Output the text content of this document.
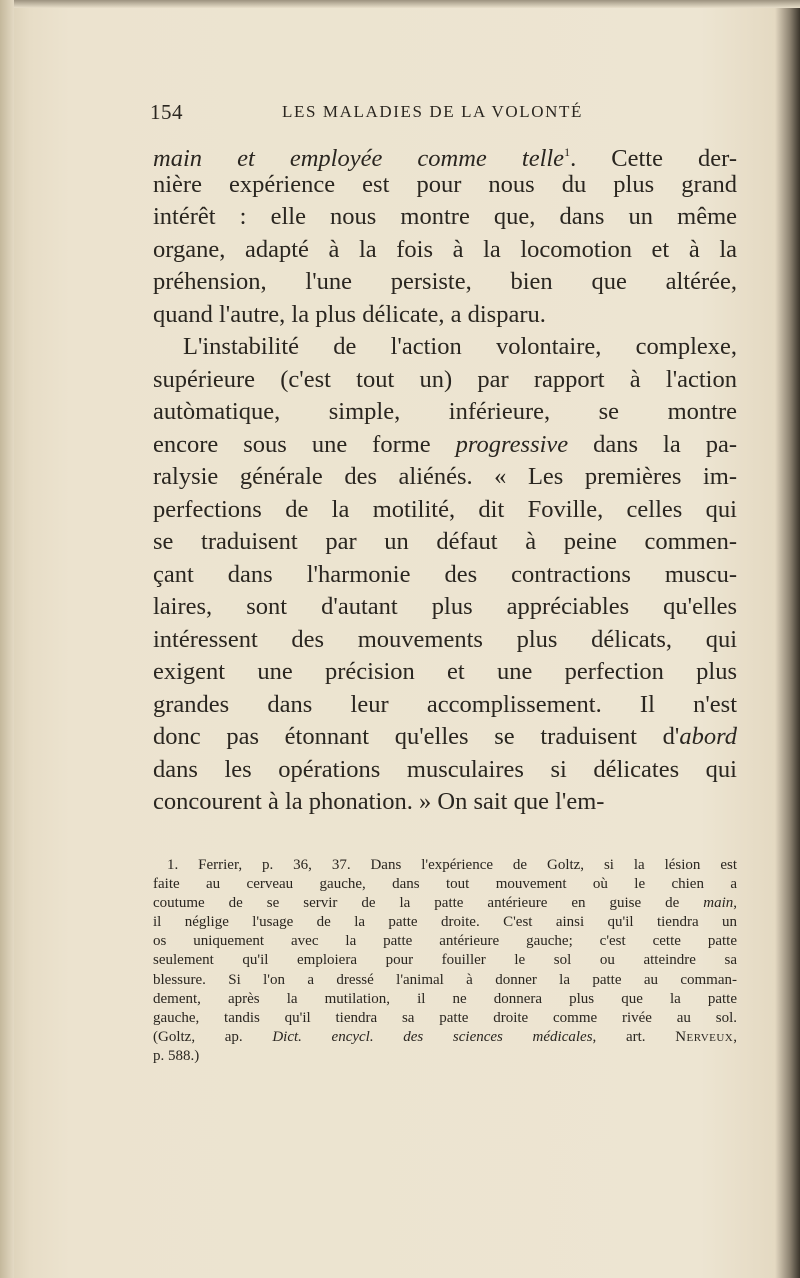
154	LES MALADIES DE LA VOLONTÉ
main et employée comme telle$^1$. Cette der-
nière expérience est pour nous du plus grand
intérêt : elle nous montre que, dans un même
organe, adapté à la fois à la locomotion et à la
préhension, l'une persiste, bien que altérée,
quand l'autre, la plus délicate, a disparu.
L'instabilité de l'action volontaire, complexe,
supérieure (c'est tout un) par rapport à l'action
autòmatique, simple, inférieure, se montre
encore sous une forme progressive dans la pa-
ralysie générale des aliénés. « Les premières im-
perfections de la motilité, dit Foville, celles qui
se traduisent par un défaut à peine commen-
çant dans l'harmonie des contractions muscu-
laires, sont d'autant plus appréciables qu'elles
intéressent des mouvements plus délicats, qui
exigent une précision et une perfection plus
grandes dans leur accomplissement. Il n'est
donc pas étonnant qu'elles se traduisent d'abord
dans les opérations musculaires si délicates qui
concourent à la phonation. » On sait que l'em-
1. Ferrier, p. 36, 37. Dans l'expérience de Goltz, si la lésion est
faite au cerveau gauche, dans tout mouvement où le chien a
coutume de se servir de la patte antérieure en guise de main,
il néglige l'usage de la patte droite. C'est ainsi qu'il tiendra un
os uniquement avec la patte antérieure gauche; c'est cette patte
seulement qu'il emploiera pour fouiller le sol ou atteindre sa
blessure. Si l'on a dressé l'animal à donner la patte au comman-
dement, après la mutilation, il ne donnera plus que la patte
gauche, tandis qu'il tiendra sa patte droite comme rivée au sol.
(Goltz, ap. Dict. encycl. des sciences médicales, art. Nerveux,
p. 588.)
